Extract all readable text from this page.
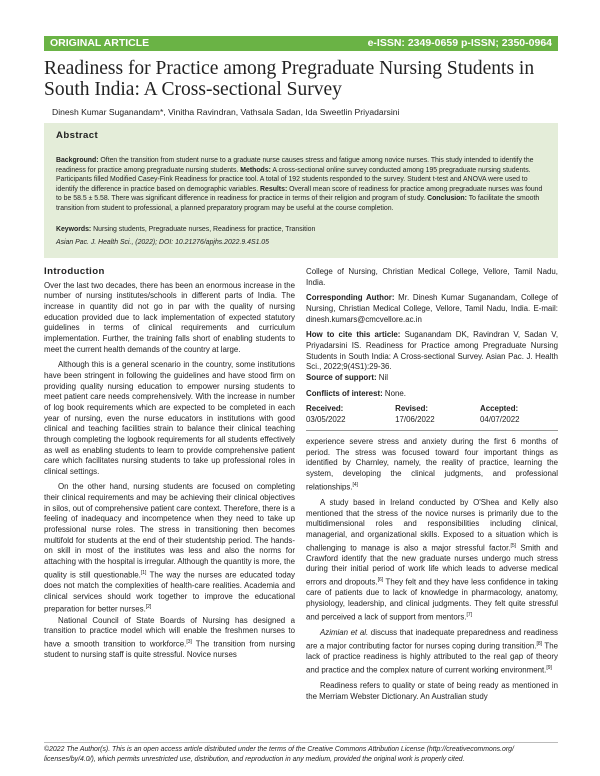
ORIGINAL ARTICLE	e-ISSN: 2349-0659 p-ISSN; 2350-0964
Readiness for Practice among Pregraduate Nursing Students in South India: A Cross-sectional Survey
Dinesh Kumar Suganandam*, Vinitha Ravindran, Vathsala Sadan, Ida Sweetlin Priyadarsini
Abstract
Background: Often the transition from student nurse to a graduate nurse causes stress and fatigue among novice nurses. This study intended to identify the readiness for practice among pregraduate nursing students. Methods: A cross-sectional online survey conducted among 195 pregraduate nursing students. Participants filled Modified Casey-Fink Readiness for practice tool. A total of 192 students responded to the survey. Student t-test and ANOVA were used to identify the difference in practice based on demographic variables. Results: Overall mean score of readiness for practice among pregraduate nurses was found to be 58.5 ± 5.58. There was significant difference in readiness for practice in terms of their religion and program of study. Conclusion: To facilitate the smooth transition from student to professional, a planned preparatory program may be useful at the course completion.
Keywords: Nursing students, Pregraduate nurses, Readiness for practice, Transition
Asian Pac. J. Health Sci., (2022); DOI: 10.21276/apjhs.2022.9.4S1.05
Introduction

Over the last two decades, there has been an enormous increase in the number of nursing institutes/schools in different parts of India. The increase in quantity did not go in par with the quality of nursing education provided due to lack implementation of expected statutory guidelines in terms of clinical requirements and curriculum implementation. Further, the training falls short of enabling students to meet the current health demands of the country at large.

Although this is a general scenario in the country, some institutions have been stringent in following the guidelines and have stood firm on providing quality nursing education to empower nursing students to meet patient care needs comprehensively. With the increase in number of log book requirements which are expected to be completed in each year of nursing, even the nurse educators in institutions with good clinical and teaching facilities strain to balance their clinical teaching through completing the logbook requirements for all students effectively as well as enabling students to learn to provide comprehensive patient care which facilitates nursing students to take up professional roles in clinical settings.

On the other hand, nursing students are focused on completing their clinical requirements and may be achieving their clinical objectives in silos, out of comprehensive patient care context. Therefore, there is a feeling of inadequacy and incompetence when they need to take up professional nurse roles. The stress in transitioning then becomes multifold for students at the end of their studentship period. The hands-on skill in most of the institutes was less and also the norms for attaching with the hospital is irregular. Although the quantity is more, the quality is still questionable.[1] The way the nurses are educated today does not match the complexities of health-care realities. Academia and clinical services should work together to improve the educational preparation for better nurses.[2]

National Council of State Boards of Nursing has designed a transition to practice model which will enable the freshmen nurses to have a smooth transition to workforce.[3] The transition from nursing student to nursing staff is quite stressful. Novice nurses

College of Nursing, Christian Medical College, Vellore, Tamil Nadu, India.

Corresponding Author: Mr. Dinesh Kumar Suganandam, College of Nursing, Christian Medical College, Vellore, Tamil Nadu, India. E-mail: dinesh.kumars@cmcvellore.ac.in

How to cite this article: Suganandam DK, Ravindran V, Sadan V, Priyadarsini IS. Readiness for Practice among Pregraduate Nursing Students in South India: A Cross-sectional Survey. Asian Pac. J. Health Sci., 2022;9(4S1):29-36.

Source of support: Nil

Conflicts of interest: None.

Received: 03/05/2022
Revised: 17/06/2022
Accepted: 04/07/2022

experience severe stress and anxiety during the first 6 months of period. The stress was focused toward four important things as identified by Charnley, namely, the reality of practice, learning the system, developing the clinical judgments, and professional relationships.[4]

A study based in Ireland conducted by O'Shea and Kelly also mentioned that the stress of the novice nurses is primarily due to the multidimensional roles and responsibilities including clinical, managerial, and organizational skills. Exposed to a situation which is challenging to manage is also a major stressful factor.[5] Smith and Crawford identify that the new graduate nurses undergo much stress during their initial period of work life which leads to adverse medical errors and dropouts.[6] They felt and they have less confidence in taking care of patients due to lack of knowledge in pharmacology, anatomy, physiology, leadership, and clinical judgments. They felt quite stressful and perceived a lack of support from mentors.[7]

Azimian et al. discuss that inadequate preparedness and readiness are a major contributing factor for nurses coping during transition.[8] The lack of practice readiness is highly attributed to the real gap of theory and practice and the complex nature of current working environment.[9]

Readiness refers to quality or state of being ready as mentioned in the Merriam Webster Dictionary. An Australian study

©2022 The Author(s). This is an open access article distributed under the terms of the Creative Commons Attribution License (http://creativecommons.org/ licenses/by/4.0/), which permits unrestricted use, distribution, and reproduction in any medium, provided the original work is properly cited.
